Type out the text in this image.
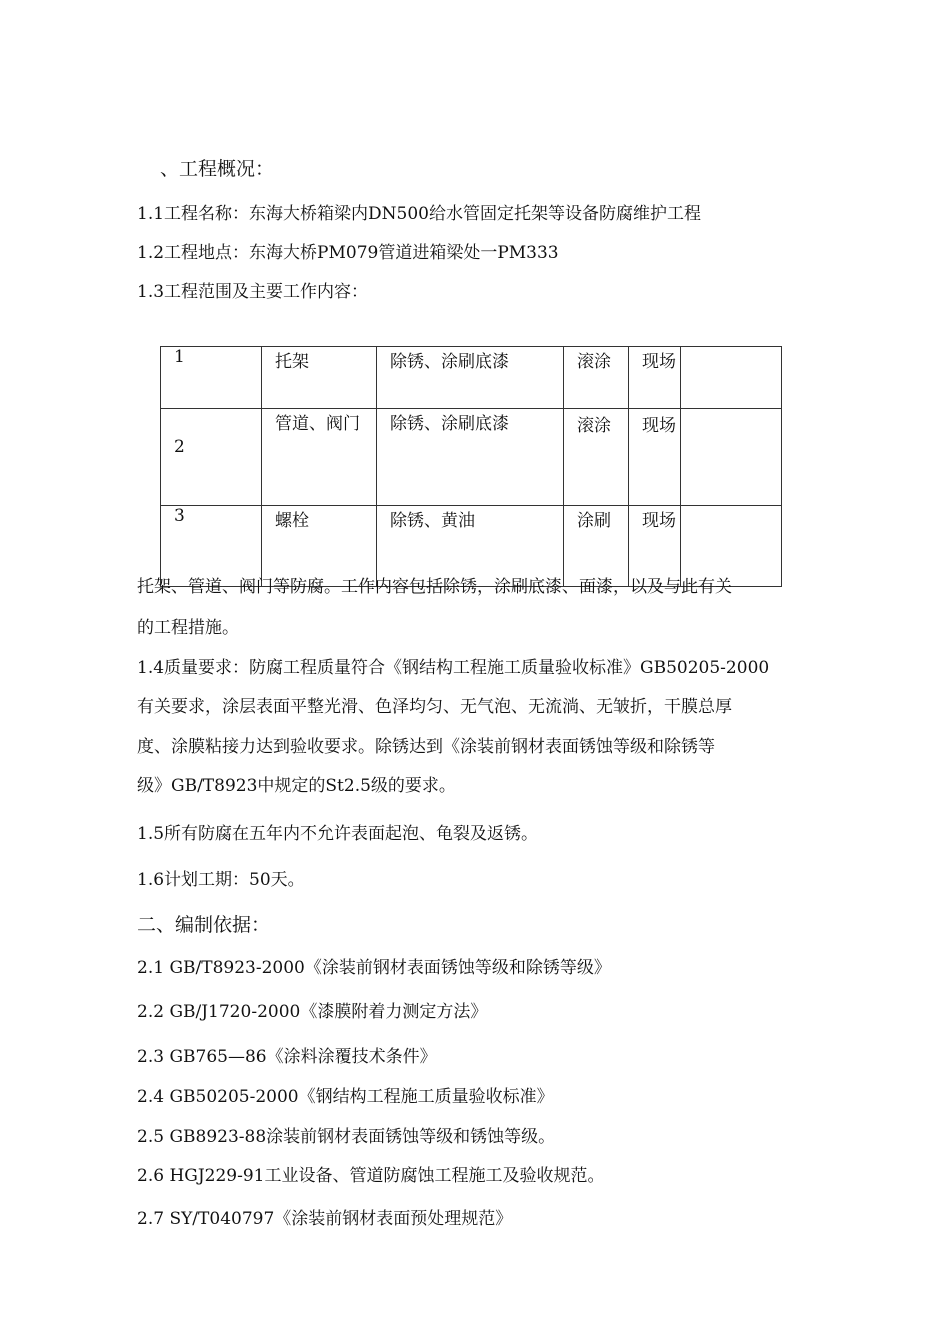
、工程概况：
1.1工程名称：东海大桥箱梁内DN500给水管固定托架等设备防腐维护工程
1.2工程地点：东海大桥PM079管道进箱梁处一PM333
1.3工程范围及主要工作内容：
1	托架	除锈、涂刷底漆	滚涂	现场	
2	管道、阀门	除锈、涂刷底漆	滚涂	现场	
3	螺栓	除锈、黄油	涂刷	现场	
托架、管道、阀门等防腐。工作内容包括除锈，涂刷底漆、面漆，以及与此有关
的工程措施。
1.4质量要求：防腐工程质量符合《钢结构工程施工质量验收标准》GB50205-2000
有关要求，涂层表面平整光滑、色泽均匀、无气泡、无流淌、无皱折，干膜总厚
度、涂膜粘接力达到验收要求。除锈达到《涂装前钢材表面锈蚀等级和除锈等
级》GB/T8923中规定的St2.5级的要求。
1.5所有防腐在五年内不允许表面起泡、龟裂及返锈。
1.6计划工期：50天。
二、编制依据：
2.1 GB/T8923-2000《涂装前钢材表面锈蚀等级和除锈等级》
2.2 GB/J1720-2000《漆膜附着力测定方法》
2.3 GB765—86《涂料涂覆技术条件》
2.4 GB50205-2000《钢结构工程施工质量验收标准》
2.5 GB8923-88涂装前钢材表面锈蚀等级和锈蚀等级。
2.6 HGJ229-91工业设备、管道防腐蚀工程施工及验收规范。
2.7 SY/T040797《涂装前钢材表面预处理规范》
